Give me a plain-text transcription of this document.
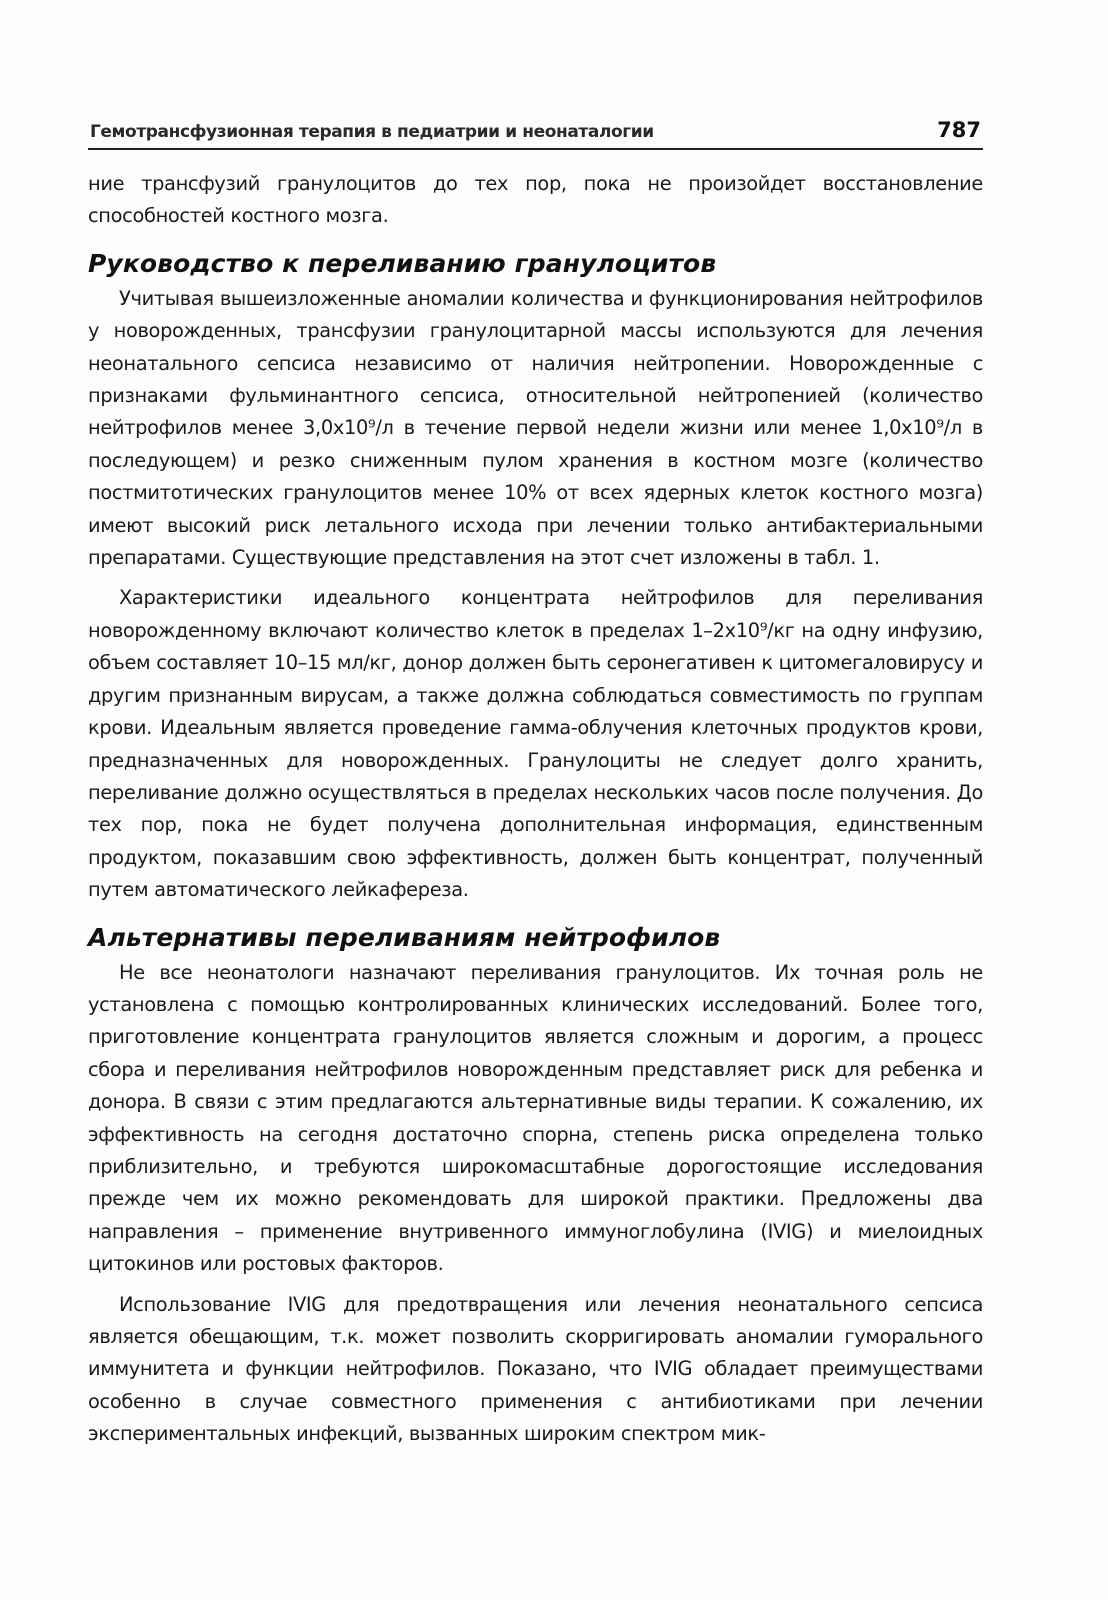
Гемотрансфузионная терапия в педиатрии и неонаталогии	787

ние трансфузий гранулоцитов до тех пор, пока не произойдет восстановление способностей костного мозга.

Руководство к переливанию гранулоцитов

Учитывая вышеизложенные аномалии количества и функционирования нейтрофилов у новорожденных, трансфузии гранулоцитарной массы используются для лечения неонатального сепсиса независимо от наличия нейтропении. Новорожденные с признаками фульминантного сепсиса, относительной нейтропенией (количество нейтрофилов менее 3,0x10⁹/л в течение первой недели жизни или менее 1,0x10⁹/л в последующем) и резко сниженным пулом хранения в костном мозге (количество постмитотических гранулоцитов менее 10% от всех ядерных клеток костного мозга) имеют высокий риск летального исхода при лечении только антибактериальными препаратами. Существующие представления на этот счет изложены в табл. 1.

Характеристики идеального концентрата нейтрофилов для переливания новорожденному включают количество клеток в пределах 1–2x10⁹/кг на одну инфузию, объем составляет 10–15 мл/кг, донор должен быть серонегативен к цитомегаловирусу и другим признанным вирусам, а также должна соблюдаться совместимость по группам крови. Идеальным является проведение гамма-облучения клеточных продуктов крови, предназначенных для новорожденных. Гранулоциты не следует долго хранить, переливание должно осуществляться в пределах нескольких часов после получения. До тех пор, пока не будет получена дополнительная информация, единственным продуктом, показавшим свою эффективность, должен быть концентрат, полученный путем автоматического лейкафереза.

Альтернативы переливаниям нейтрофилов

Не все неонатологи назначают переливания гранулоцитов. Их точная роль не установлена с помощью контролированных клинических исследований. Более того, приготовление концентрата гранулоцитов является сложным и дорогим, а процесс сбора и переливания нейтрофилов новорожденным представляет риск для ребенка и донора. В связи с этим предлагаются альтернативные виды терапии. К сожалению, их эффективность на сегодня достаточно спорна, степень риска определена только приблизительно, и требуются широкомасштабные дорогостоящие исследования прежде чем их можно рекомендовать для широкой практики. Предложены два направления – применение внутривенного иммуноглобулина (IVIG) и миелоидных цитокинов или ростовых факторов.

Использование IVIG для предотвращения или лечения неонатального сепсиса является обещающим, т.к. может позволить скорригировать аномалии гуморального иммунитета и функции нейтрофилов. Показано, что IVIG обладает преимуществами особенно в случае совместного применения с антибиотиками при лечении экспериментальных инфекций, вызванных широким спектром мик-
